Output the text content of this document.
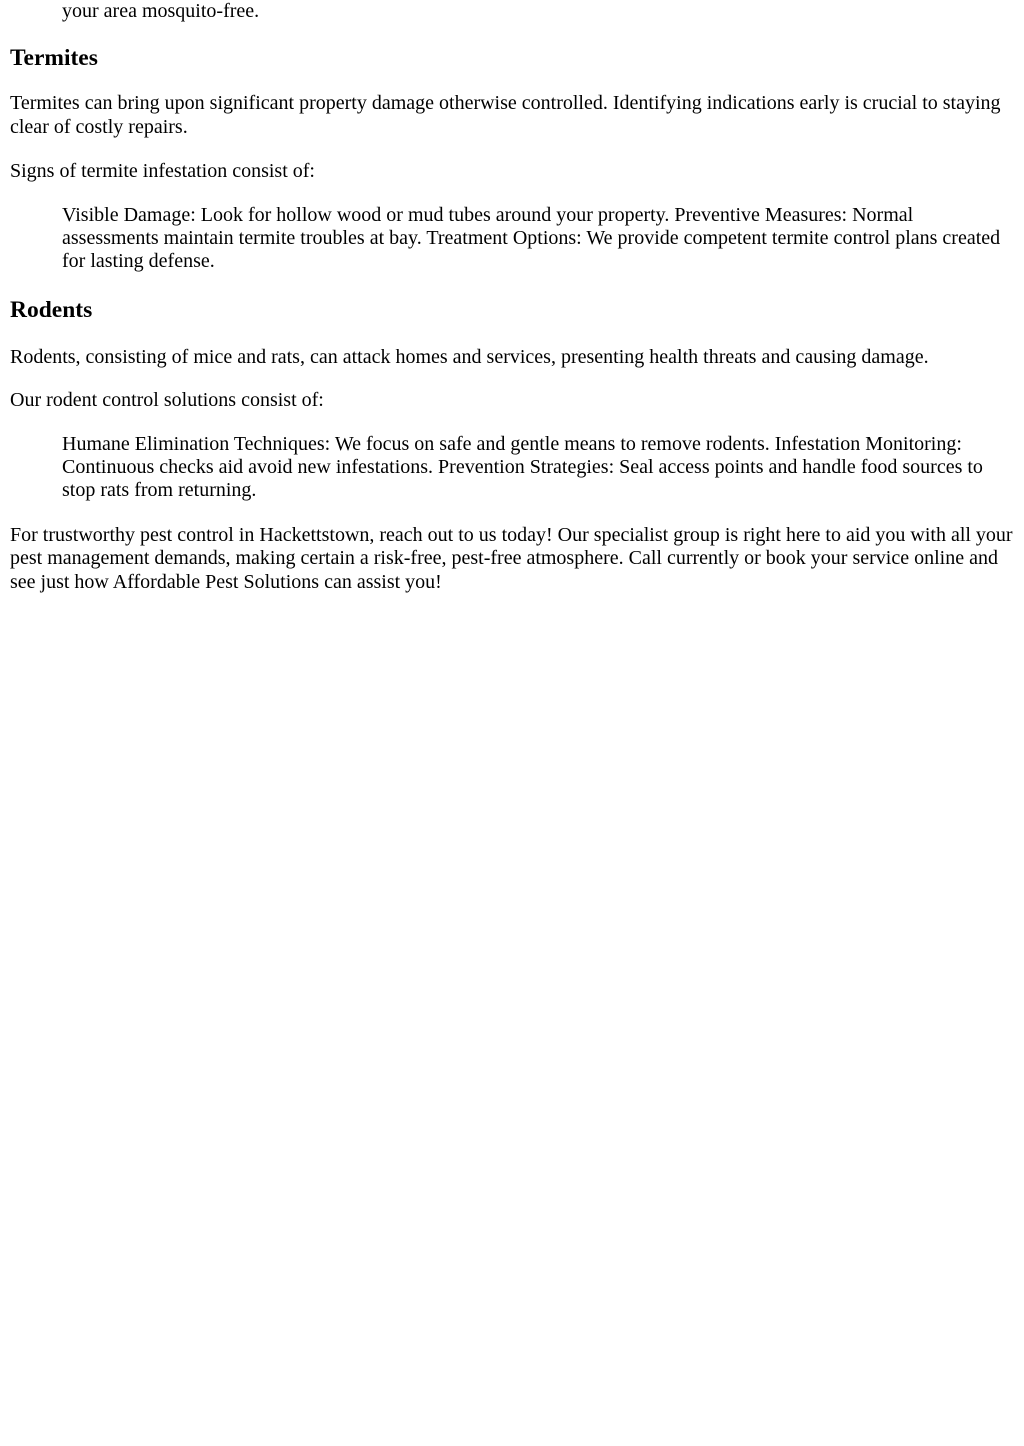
your area mosquito-free.

Termites

Termites can bring upon significant property damage otherwise controlled. Identifying indications early is crucial to staying clear of costly repairs.

Signs of termite infestation consist of:

Visible Damage: Look for hollow wood or mud tubes around your property. Preventive Measures: Normal assessments maintain termite troubles at bay. Treatment Options: We provide competent termite control plans created for lasting defense.

Rodents

Rodents, consisting of mice and rats, can attack homes and services, presenting health threats and causing damage.

Our rodent control solutions consist of:

Humane Elimination Techniques: We focus on safe and gentle means to remove rodents. Infestation Monitoring: Continuous checks aid avoid new infestations. Prevention Strategies: Seal access points and handle food sources to stop rats from returning.

For trustworthy pest control in Hackettstown, reach out to us today! Our specialist group is right here to aid you with all your pest management demands, making certain a risk-free, pest-free atmosphere. Call currently or book your service online and see just how Affordable Pest Solutions can assist you!
